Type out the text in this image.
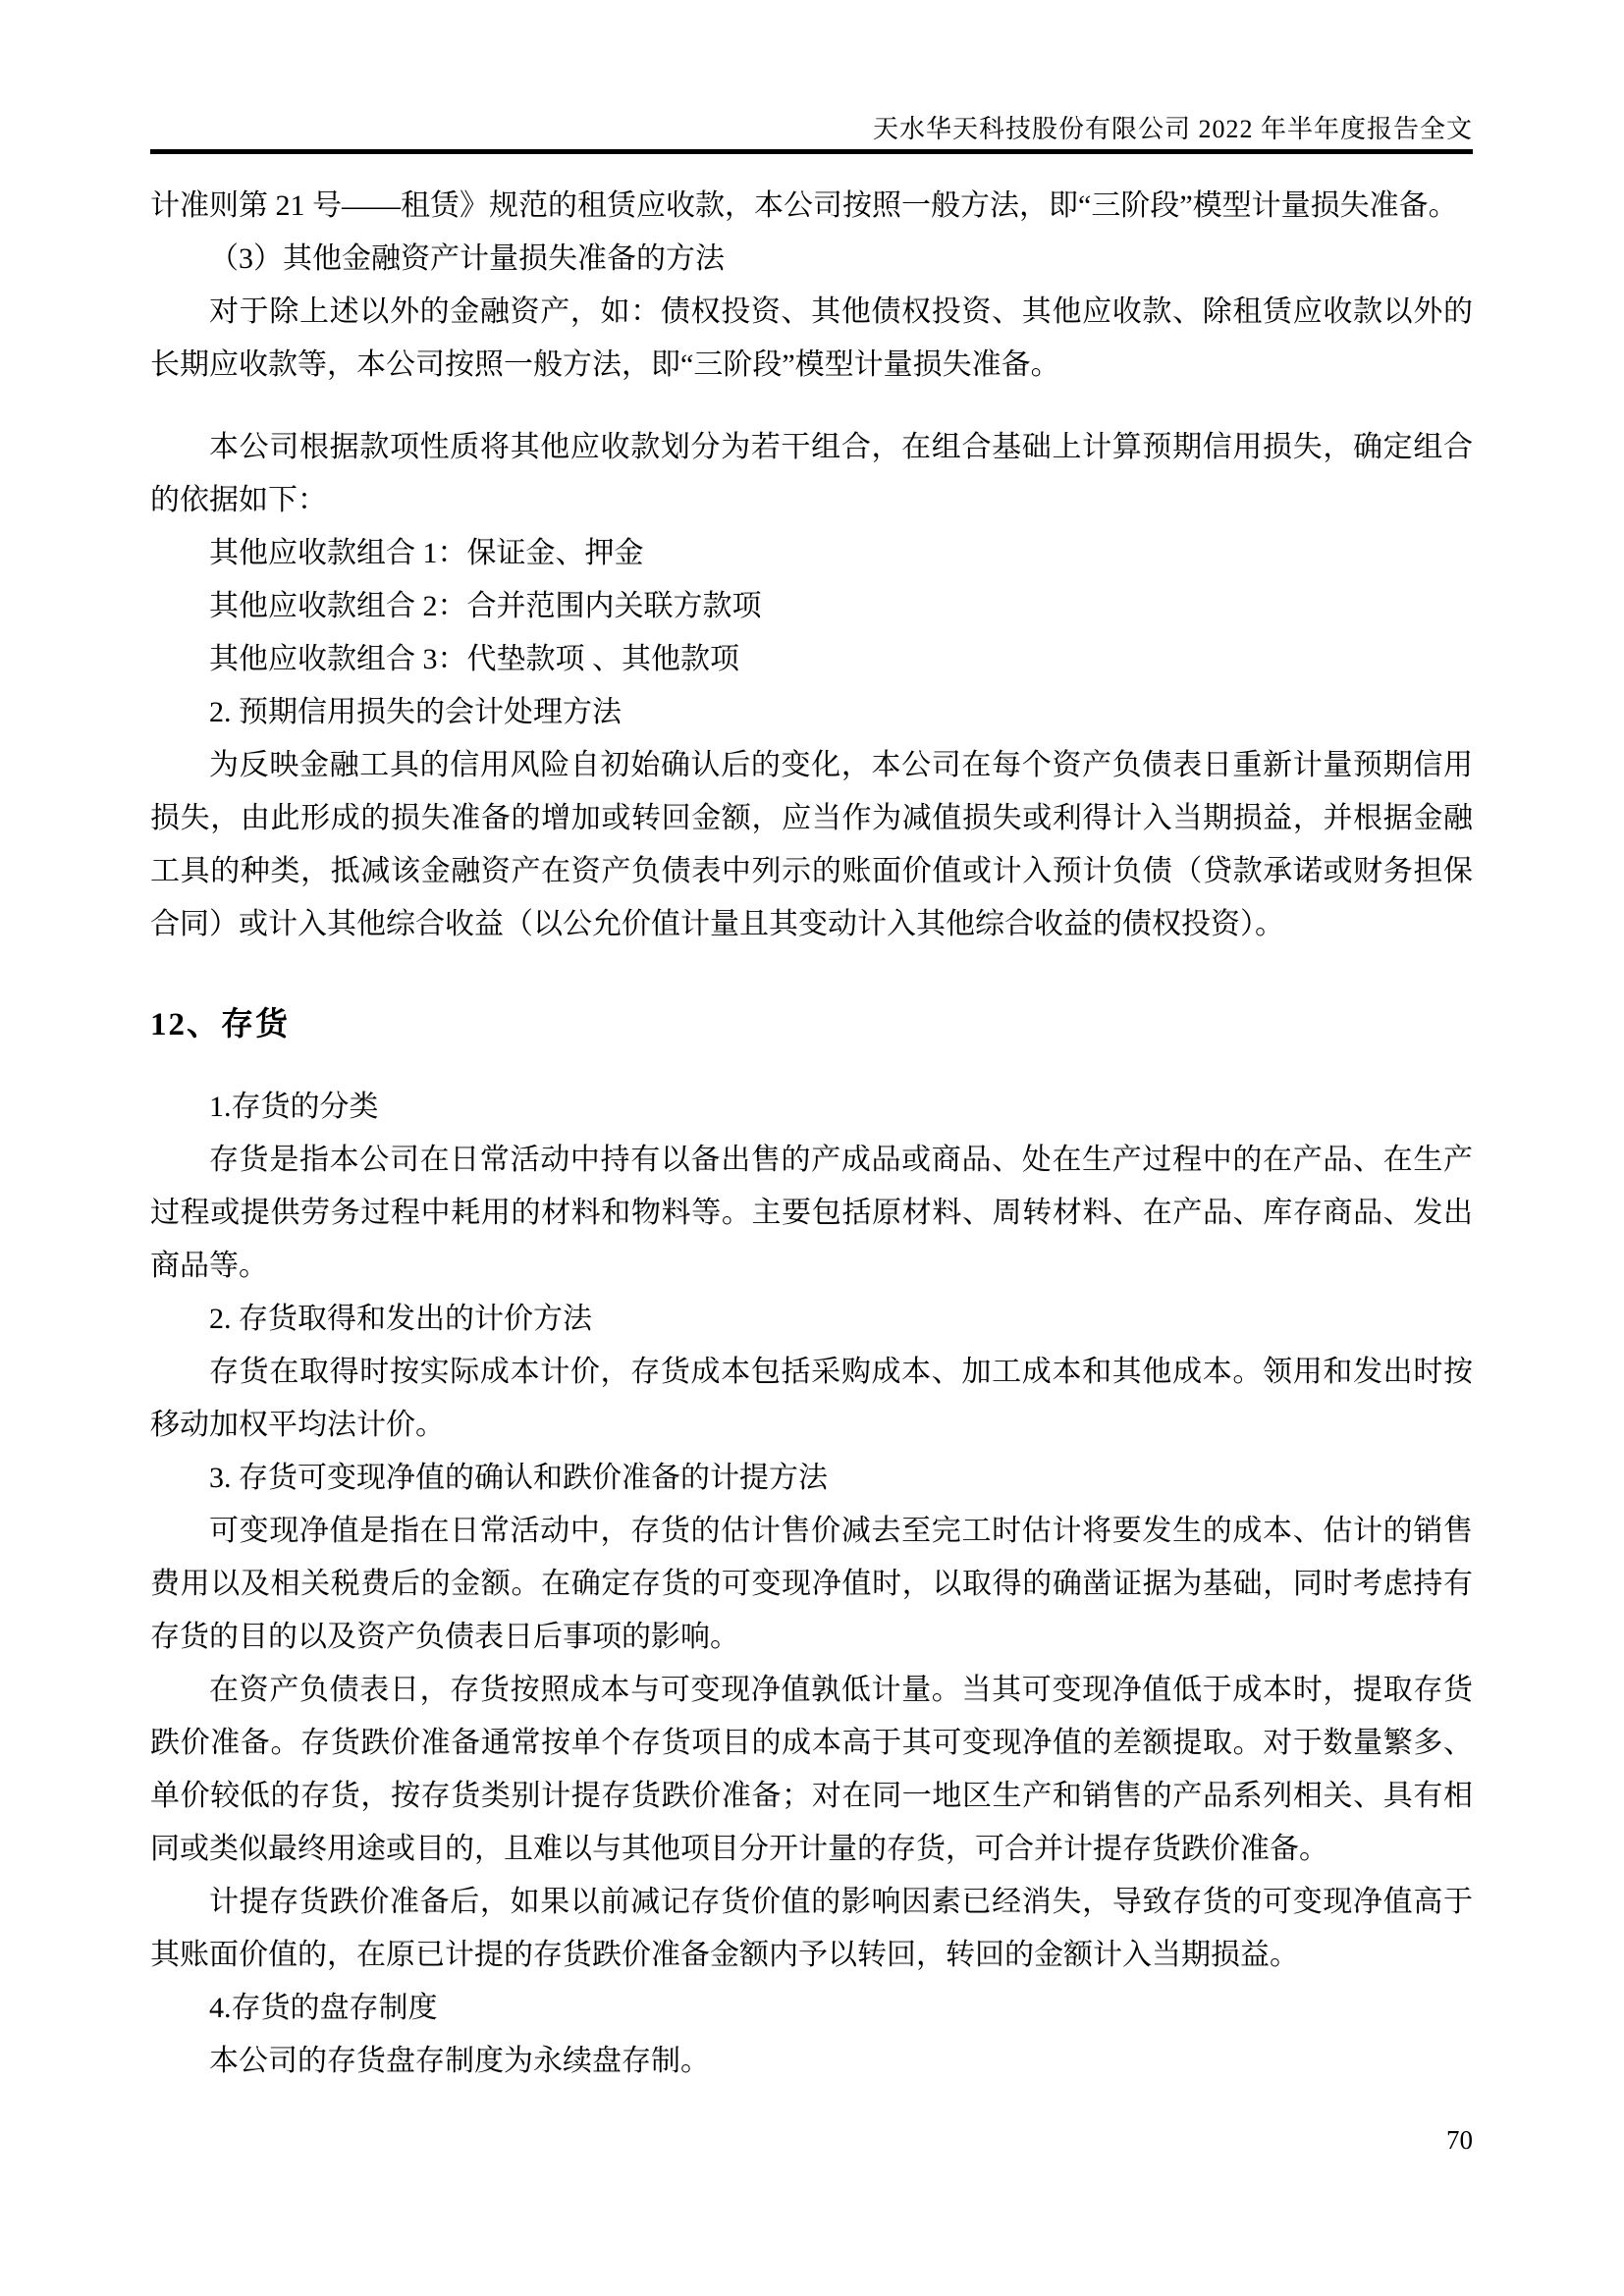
天水华天科技股份有限公司 2022 年半年度报告全文

计准则第 21 号——租赁》规范的租赁应收款，本公司按照一般方法，即“三阶段”模型计量损失准备。

（3）其他金融资产计量损失准备的方法

对于除上述以外的金融资产，如：债权投资、其他债权投资、其他应收款、除租赁应收款以外的长期应收款等，本公司按照一般方法，即“三阶段”模型计量损失准备。

本公司根据款项性质将其他应收款划分为若干组合，在组合基础上计算预期信用损失，确定组合的依据如下：

其他应收款组合 1：保证金、押金

其他应收款组合 2：合并范围内关联方款项

其他应收款组合 3：代垫款项 、其他款项

2. 预期信用损失的会计处理方法

为反映金融工具的信用风险自初始确认后的变化，本公司在每个资产负债表日重新计量预期信用损失，由此形成的损失准备的增加或转回金额，应当作为减值损失或利得计入当期损益，并根据金融工具的种类，抵减该金融资产在资产负债表中列示的账面价值或计入预计负债（贷款承诺或财务担保合同）或计入其他综合收益（以公允价值计量且其变动计入其他综合收益的债权投资）。

12、存货

1.存货的分类

存货是指本公司在日常活动中持有以备出售的产成品或商品、处在生产过程中的在产品、在生产过程或提供劳务过程中耗用的材料和物料等。主要包括原材料、周转材料、在产品、库存商品、发出商品等。

2. 存货取得和发出的计价方法

存货在取得时按实际成本计价，存货成本包括采购成本、加工成本和其他成本。领用和发出时按移动加权平均法计价。

3. 存货可变现净值的确认和跌价准备的计提方法

可变现净值是指在日常活动中，存货的估计售价减去至完工时估计将要发生的成本、估计的销售费用以及相关税费后的金额。在确定存货的可变现净值时，以取得的确凿证据为基础，同时考虑持有存货的目的以及资产负债表日后事项的影响。

在资产负债表日，存货按照成本与可变现净值孰低计量。当其可变现净值低于成本时，提取存货跌价准备。存货跌价准备通常按单个存货项目的成本高于其可变现净值的差额提取。对于数量繁多、单价较低的存货，按存货类别计提存货跌价准备；对在同一地区生产和销售的产品系列相关、具有相同或类似最终用途或目的，且难以与其他项目分开计量的存货，可合并计提存货跌价准备。

计提存货跌价准备后，如果以前减记存货价值的影响因素已经消失，导致存货的可变现净值高于其账面价值的，在原已计提的存货跌价准备金额内予以转回，转回的金额计入当期损益。

4.存货的盘存制度

本公司的存货盘存制度为永续盘存制。

70
